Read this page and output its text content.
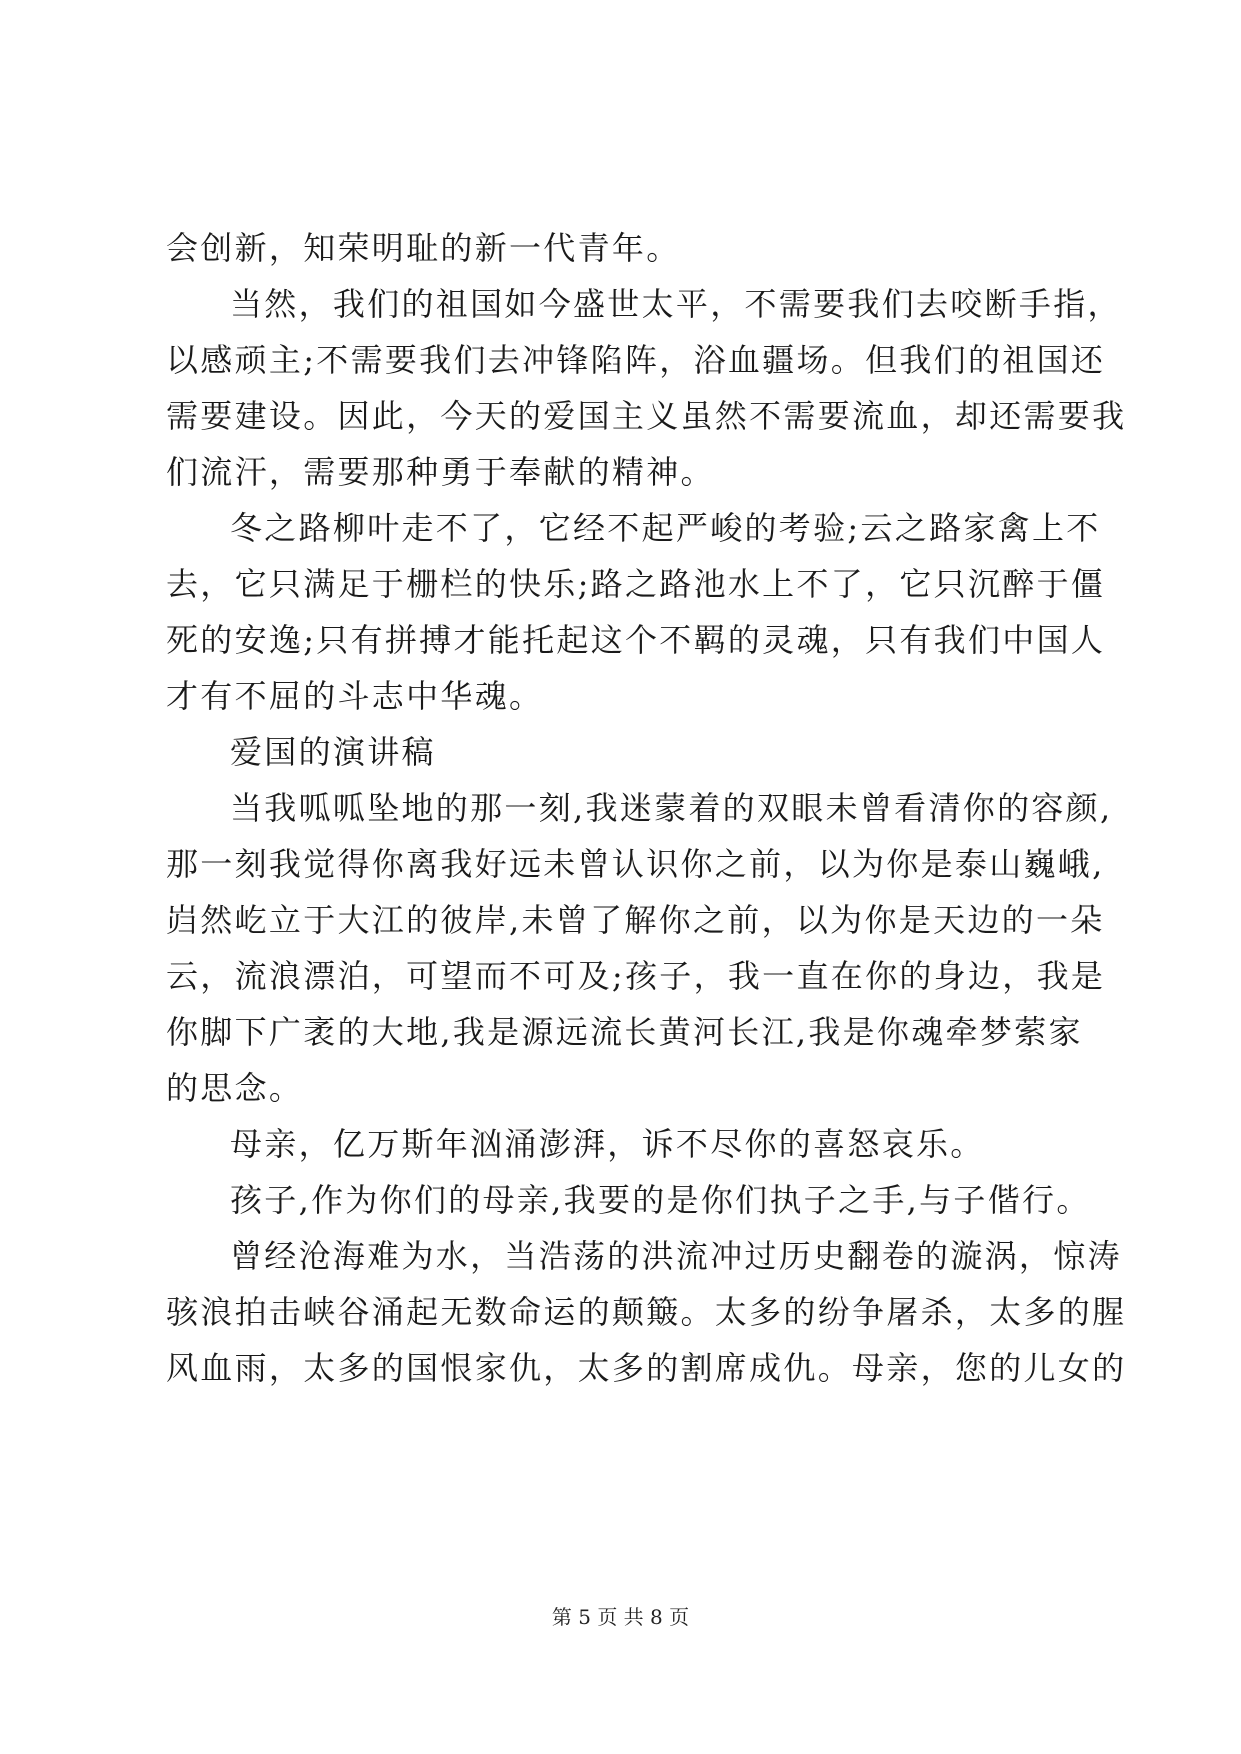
会创新，知荣明耻的新一代青年。
当然，我们的祖国如今盛世太平，不需要我们去咬断手指，
以感顽主;不需要我们去冲锋陷阵，浴血疆场。但我们的祖国还
需要建设。因此，今天的爱国主义虽然不需要流血，却还需要我
们流汗，需要那种勇于奉献的精神。
冬之路柳叶走不了，它经不起严峻的考验;云之路家禽上不
去，它只满足于栅栏的快乐;路之路池水上不了，它只沉醉于僵
死的安逸;只有拼搏才能托起这个不羁的灵魂，只有我们中国人
才有不屈的斗志中华魂。
爱国的演讲稿
当我呱呱坠地的那一刻,我迷蒙着的双眼未曾看清你的容颜,
那一刻我觉得你离我好远未曾认识你之前，以为你是泰山巍峨,
岿然屹立于大江的彼岸,未曾了解你之前，以为你是天边的一朵
云，流浪漂泊，可望而不可及;孩子，我一直在你的身边，我是
你脚下广袤的大地,我是源远流长黄河长江,我是你魂牵梦萦家
的思念。
母亲，亿万斯年汹涌澎湃，诉不尽你的喜怒哀乐。
孩子,作为你们的母亲,我要的是你们执子之手,与子偕行。
曾经沧海难为水，当浩荡的洪流冲过历史翻卷的漩涡，惊涛
骇浪拍击峡谷涌起无数命运的颠簸。太多的纷争屠杀，太多的腥
风血雨，太多的国恨家仇，太多的割席成仇。母亲，您的儿女的
第 5 页 共 8 页
